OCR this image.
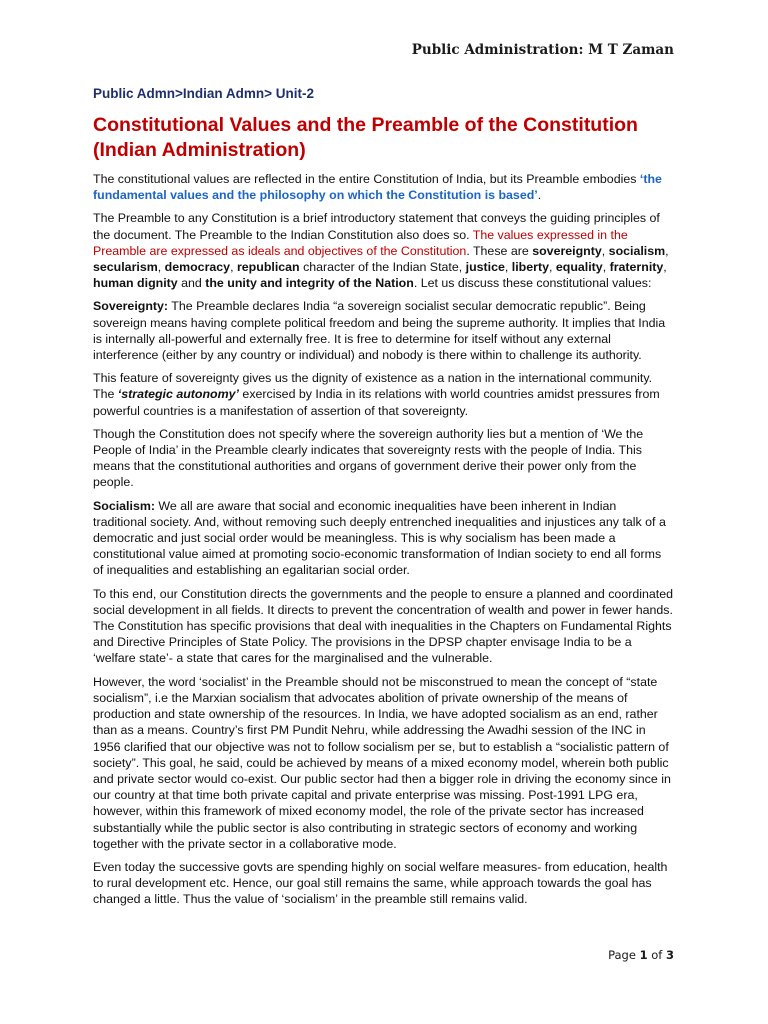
Public Administration: M T Zaman
Public Admn>Indian Admn> Unit-2
Constitutional Values and the Preamble of the Constitution (Indian Administration)

The constitutional values are reflected in the entire Constitution of India, but its Preamble embodies ‘the fundamental values and the philosophy on which the Constitution is based’.

The Preamble to any Constitution is a brief introductory statement that conveys the guiding principles of the document. The Preamble to the Indian Constitution also does so. The values expressed in the Preamble are expressed as ideals and objectives of the Constitution. These are sovereignty, socialism, secularism, democracy, republican character of the Indian State, justice, liberty, equality, fraternity, human dignity and the unity and integrity of the Nation. Let us discuss these constitutional values:

Sovereignty: The Preamble declares India “a sovereign socialist secular democratic republic”. Being sovereign means having complete political freedom and being the supreme authority. It implies that India is internally all-powerful and externally free. It is free to determine for itself without any external interference (either by any country or individual) and nobody is there within to challenge its authority.

This feature of sovereignty gives us the dignity of existence as a nation in the international community. The ‘strategic autonomy’ exercised by India in its relations with world countries amidst pressures from powerful countries is a manifestation of assertion of that sovereignty.

Though the Constitution does not specify where the sovereign authority lies but a mention of ‘We the People of India’ in the Preamble clearly indicates that sovereignty rests with the people of India. This means that the constitutional authorities and organs of government derive their power only from the people.

Socialism: We all are aware that social and economic inequalities have been inherent in Indian traditional society. And, without removing such deeply entrenched inequalities and injustices any talk of a democratic and just social order would be meaningless. This is why socialism has been made a constitutional value aimed at promoting socio-economic transformation of Indian society to end all forms of inequalities and establishing an egalitarian social order.

To this end, our Constitution directs the governments and the people to ensure a planned and coordinated social development in all fields. It directs to prevent the concentration of wealth and power in fewer hands. The Constitution has specific provisions that deal with inequalities in the Chapters on Fundamental Rights and Directive Principles of State Policy. The provisions in the DPSP chapter envisage India to be a ‘welfare state’- a state that cares for the marginalised and the vulnerable.

However, the word ‘socialist’ in the Preamble should not be misconstrued to mean the concept of “state socialism”, i.e the Marxian socialism that advocates abolition of private ownership of the means of production and state ownership of the resources. In India, we have adopted socialism as an end, rather than as a means. Country’s first PM Pundit Nehru, while addressing the Awadhi session of the INC in 1956 clarified that our objective was not to follow socialism per se, but to establish a “socialistic pattern of society”. This goal, he said, could be achieved by means of a mixed economy model, wherein both public and private sector would co-exist. Our public sector had then a bigger role in driving the economy since in our country at that time both private capital and private enterprise was missing. Post-1991 LPG era, however, within this framework of mixed economy model, the role of the private sector has increased substantially while the public sector is also contributing in strategic sectors of economy and working together with the private sector in a collaborative mode.

Even today the successive govts are spending highly on social welfare measures- from education, health to rural development etc. Hence, our goal still remains the same, while approach towards the goal has changed a little. Thus the value of ‘socialism’ in the preamble still remains valid.

Page 1 of 3
